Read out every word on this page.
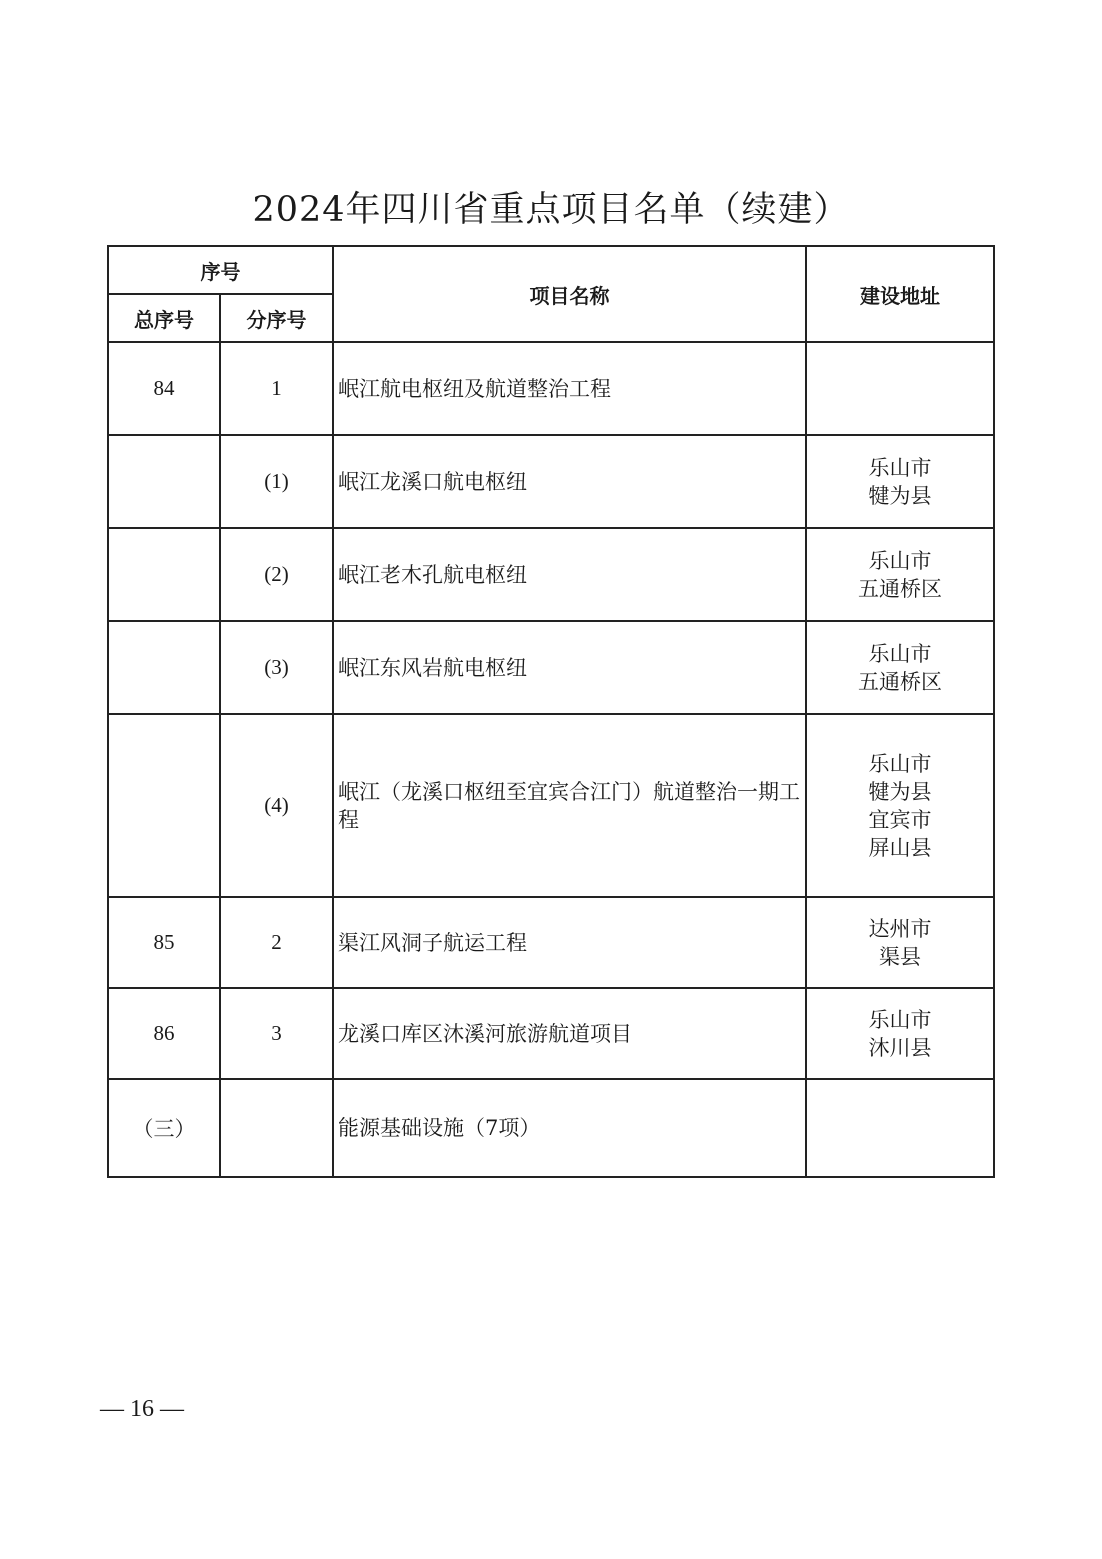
2024年四川省重点项目名单（续建）
序号		项目名称	建设地址
总序号	分序号		
84	1	岷江航电枢纽及航道整治工程	
	(1)	岷江龙溪口航电枢纽	乐山市
犍为县

	(2)	岷江老木孔航电枢纽	乐山市
五通桥区

	(3)	岷江东风岩航电枢纽	乐山市
五通桥区

	(4)	岷江（龙溪口枢纽至宜宾合江门）航道整治一期工程	乐山市
犍为县
宜宾市
屏山县

85	2	渠江风洞子航运工程	达州市
渠县

86	3	龙溪口库区沐溪河旅游航道项目	乐山市
沐川县

（三）		能源基础设施（7项）	
— 16 —
